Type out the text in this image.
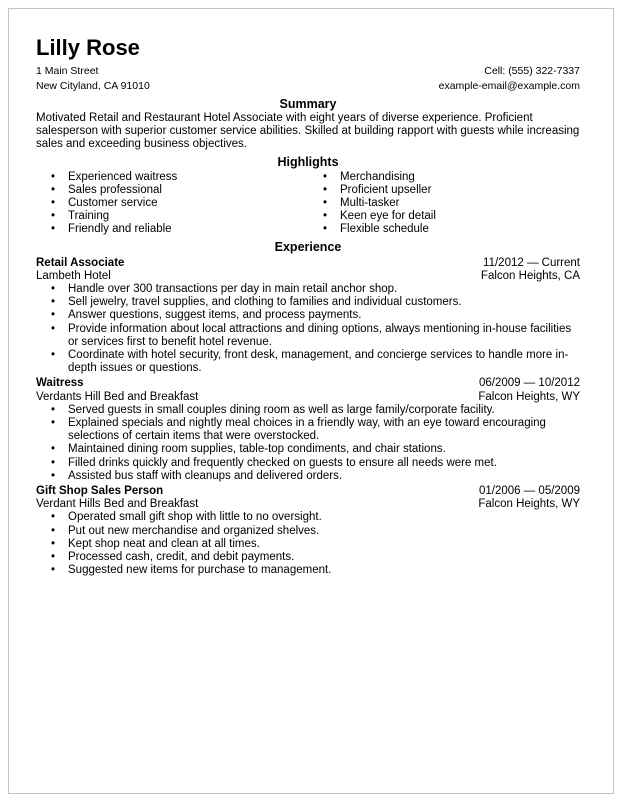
Lilly Rose
1 Main Street	Cell: (555) 322-7337
New Cityland, CA 91010	example-email@example.com
Summary

Motivated Retail and Restaurant Hotel Associate with eight years of diverse experience. Proficient salesperson with superior customer service abilities. Skilled at building rapport with guests while increasing sales and exceeding business objectives.

Highlights
• Experienced waitress
• Sales professional
• Customer service
• Training
• Friendly and reliable
• Merchandising
• Proficient upseller
• Multi-tasker
• Keen eye for detail
• Flexible schedule
Experience
Retail Associate	11/2012 — Current
Lambeth Hotel	Falcon Heights, CA
• Handle over 300 transactions per day in main retail anchor shop.
• Sell jewelry, travel supplies, and clothing to families and individual customers.
• Answer questions, suggest items, and process payments.
• Provide information about local attractions and dining options, always mentioning in-house facilities or services first to benefit hotel revenue.
• Coordinate with hotel security, front desk, management, and concierge services to handle more in-depth issues or questions.
Waitress	06/2009 — 10/2012
Verdants Hill Bed and Breakfast	Falcon Heights, WY
• Served guests in small couples dining room as well as large family/corporate facility.
• Explained specials and nightly meal choices in a friendly way, with an eye toward encouraging selections of certain items that were overstocked.
• Maintained dining room supplies, table-top condiments, and chair stations.
• Filled drinks quickly and frequently checked on guests to ensure all needs were met.
• Assisted bus staff with cleanups and delivered orders.
Gift Shop Sales Person	01/2006 — 05/2009
Verdant Hills Bed and Breakfast	Falcon Heights, WY
• Operated small gift shop with little to no oversight.
• Put out new merchandise and organized shelves.
• Kept shop neat and clean at all times.
• Processed cash, credit, and debit payments.
• Suggested new items for purchase to management.
